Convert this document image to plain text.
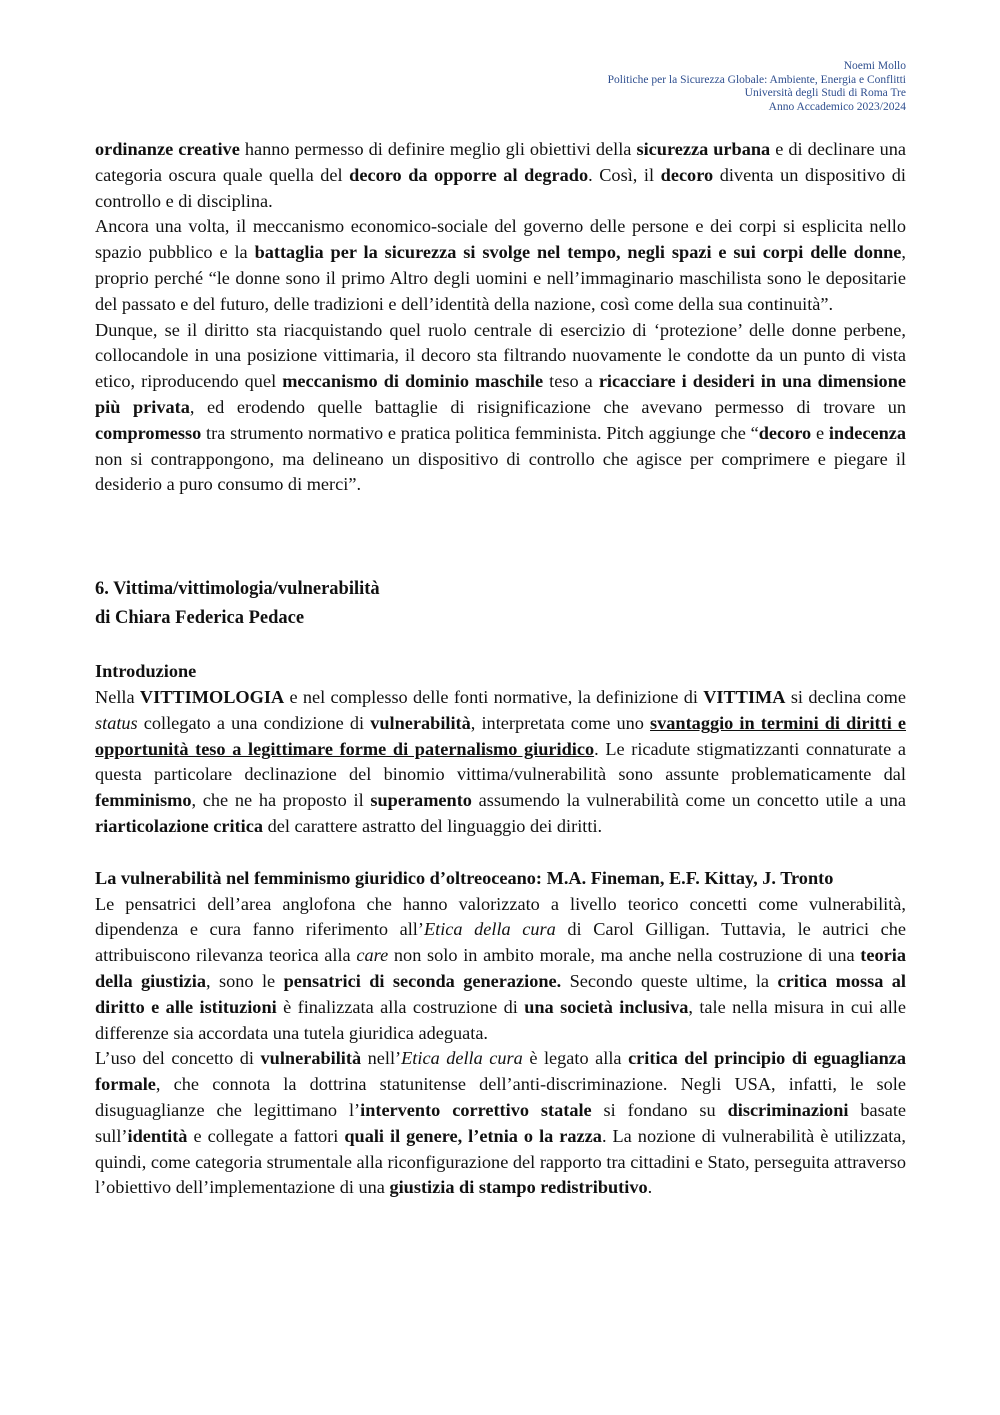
Noemi Mollo
Politiche per la Sicurezza Globale: Ambiente, Energia e Conflitti
Università degli Studi di Roma Tre
Anno Accademico 2023/2024

ordinanze creative hanno permesso di definire meglio gli obiettivi della sicurezza urbana e di declinare una categoria oscura quale quella del decoro da opporre al degrado. Così, il decoro diventa un dispositivo di controllo e di disciplina.

Ancora una volta, il meccanismo economico-sociale del governo delle persone e dei corpi si esplicita nello spazio pubblico e la battaglia per la sicurezza si svolge nel tempo, negli spazi e sui corpi delle donne, proprio perché “le donne sono il primo Altro degli uomini e nell’immaginario maschilista sono le depositarie del passato e del futuro, delle tradizioni e dell’identità della nazione, così come della sua continuità”.

Dunque, se il diritto sta riacquistando quel ruolo centrale di esercizio di ‘protezione’ delle donne perbene, collocandole in una posizione vittimaria, il decoro sta filtrando nuovamente le condotte da un punto di vista etico, riproducendo quel meccanismo di dominio maschile teso a ricacciare i desideri in una dimensione più privata, ed erodendo quelle battaglie di risignificazione che avevano permesso di trovare un compromesso tra strumento normativo e pratica politica femminista. Pitch aggiunge che “decoro e indecenza non si contrappongono, ma delineano un dispositivo di controllo che agisce per comprimere e piegare il desiderio a puro consumo di merci”.

6. Vittima/vittimologia/vulnerabilità
di Chiara Federica Pedace

Introduzione

Nella VITTIMOLOGIA e nel complesso delle fonti normative, la definizione di VITTIMA si declina come status collegato a una condizione di vulnerabilità, interpretata come uno svantaggio in termini di diritti e opportunità teso a legittimare forme di paternalismo giuridico. Le ricadute stigmatizzanti connaturate a questa particolare declinazione del binomio vittima/vulnerabilità sono assunte problematicamente dal femminismo, che ne ha proposto il superamento assumendo la vulnerabilità come un concetto utile a una riarticolazione critica del carattere astratto del linguaggio dei diritti.

La vulnerabilità nel femminismo giuridico d’oltreoceano: M.A. Fineman, E.F. Kittay, J. Tronto

Le pensatrici dell’area anglofona che hanno valorizzato a livello teorico concetti come vulnerabilità, dipendenza e cura fanno riferimento all’Etica della cura di Carol Gilligan. Tuttavia, le autrici che attribuiscono rilevanza teorica alla care non solo in ambito morale, ma anche nella costruzione di una teoria della giustizia, sono le pensatrici di seconda generazione. Secondo queste ultime, la critica mossa al diritto e alle istituzioni è finalizzata alla costruzione di una società inclusiva, tale nella misura in cui alle differenze sia accordata una tutela giuridica adeguata.

L’uso del concetto di vulnerabilità nell’Etica della cura è legato alla critica del principio di eguaglianza formale, che connota la dottrina statunitense dell’anti-discriminazione. Negli USA, infatti, le sole disuguaglianze che legittimano l’intervento correttivo statale si fondano su discriminazioni basate sull’identità e collegate a fattori quali il genere, l’etnia o la razza. La nozione di vulnerabilità è utilizzata, quindi, come categoria strumentale alla riconfigurazione del rapporto tra cittadini e Stato, perseguita attraverso l’obiettivo dell’implementazione di una giustizia di stampo redistributivo.
